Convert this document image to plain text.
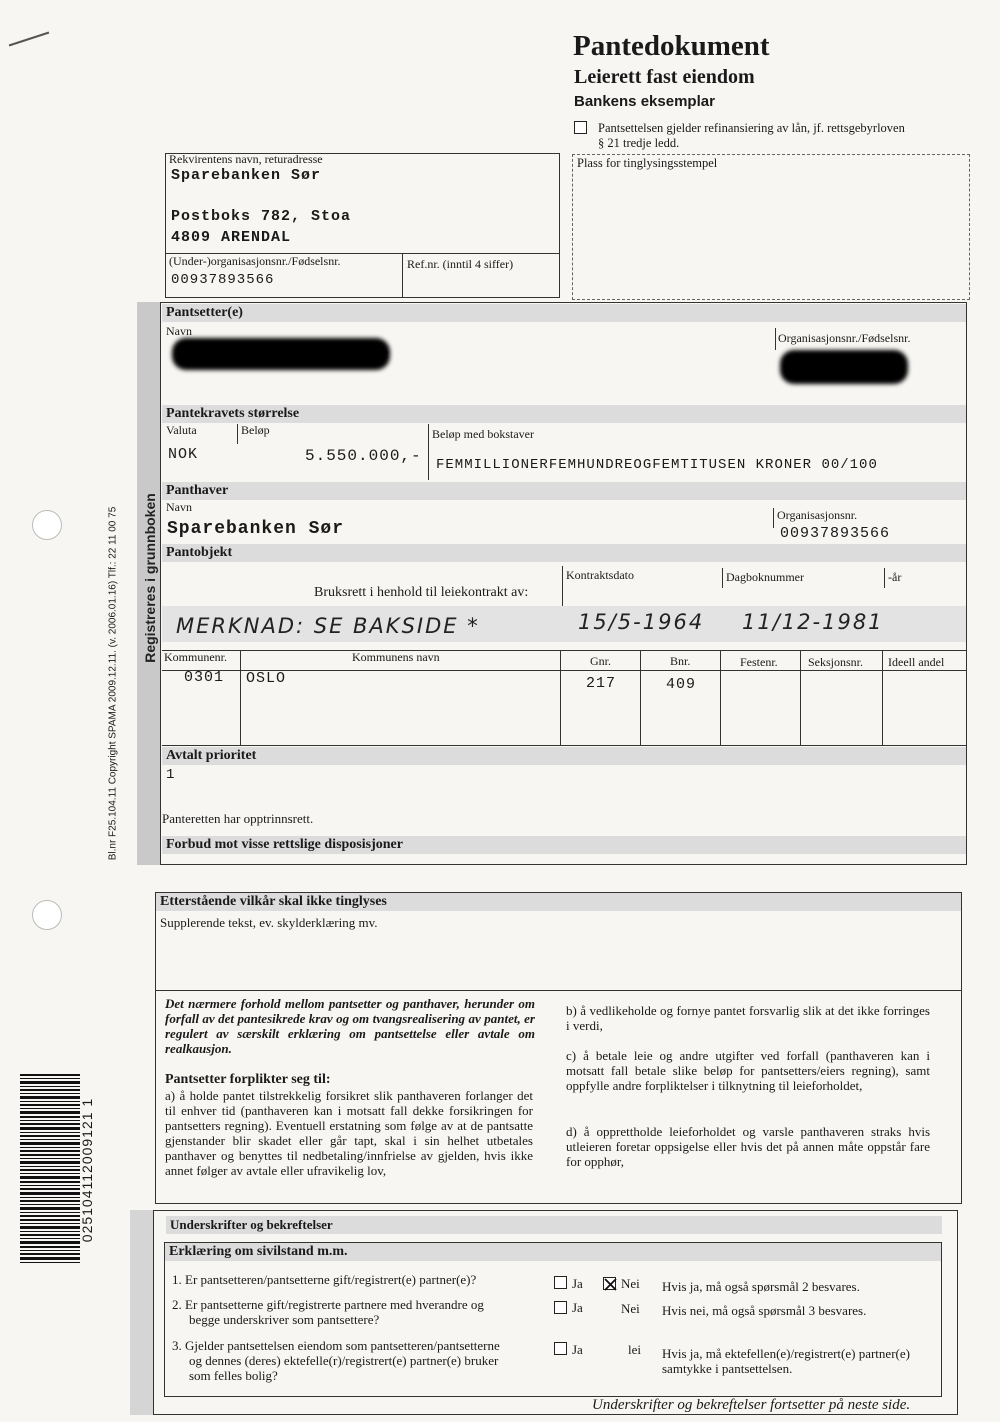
Pantedokument
Leierett fast eiendom
Bankens eksemplar
Pantsettelsen gjelder refinansiering av lån, jf. rettsgebyrloven
§ 21 tredje ledd.
Plass for tinglysingsstempel
Rekvirentens navn, returadresse
Sparebanken Sør
Postboks 782, Stoa
4809 ARENDAL
(Under-)organisasjonsnr./Fødselsnr.
00937893566
Ref.nr. (inntil 4 siffer)
Registreres i grunnboken
Bl.nr F25.104.11 Copyright SPAMA 2009.12.11. (v. 2006.01.16) Tlf.: 22 11 00 75
Pantsetter(e)
Navn	Organisasjonsnr./Fødselsnr.
Pantekravets størrelse
Valuta	Beløp	Beløp med bokstaver
NOK	5.550.000,- FEMMILLIONERFEMHUNDREOGFEMTITUSEN KRONER 00/100
Panthaver
Navn
Sparebanken Sør
Organisasjonsnr.
00937893566
Pantobjekt
Bruksrett i henhold til leiekontrakt av:
Kontraktsdato	Dagboknummer	-år
MERKNAD: SE BAKSIDE *	15/5-1964 11/12-1981
Kommunenr.	Kommunens navn	Gnr.	Bnr.	Festenr.	Seksjonsnr. Ideell andel
0301 OSLO	217	409
Avtalt prioritet
1
Panteretten har opptrinnsrett.
Forbud mot visse rettslige disposisjoner
Etterstående vilkår skal ikke tinglyses
Supplerende tekst, ev. skylderklæring mv.
Det nærmere forhold mellom pantsetter og panthaver, herunder om forfall av det pantesikrede krav og om tvangsrealisering av pantet, er regulert av særskilt erklæring om pantsettelse eller avtale om realkausjon.
Pantsetter forplikter seg til:
a) å holde pantet tilstrekkelig forsikret slik panthaveren forlanger det til enhver tid (panthaveren kan i motsatt fall dekke forsikringen for pantsetters regning). Eventuell erstatning som følge av at de pantsatte gjenstander blir skadet eller går tapt, skal i sin helhet utbetales panthaver og benyttes til nedbetaling/innfrielse av gjelden, hvis ikke annet følger av avtale eller ufravikelig lov,
b) å vedlikeholde og fornye pantet forsvarlig slik at det ikke forringes i verdi,
c) å betale leie og andre utgifter ved forfall (panthaveren kan i motsatt fall betale slike beløp for pantsetters/eiers regning), samt oppfylle andre forpliktelser i tilknytning til leieforholdet,
d) å opprettholde leieforholdet og varsle panthaveren straks hvis utleieren foretar oppsigelse eller hvis det på annen måte oppstår fare for opphør,
Underskrifter og bekreftelser
Erklæring om sivilstand m.m.
1. Er pantsetteren/pantsetterne gift/registrert(e) partner(e)?	Ja	Nei Hvis ja, må også spørsmål 2 besvares.
2. Er pantsetterne gift/registrerte partnere med hverandre og
begge underskriver som pantsettere?
Ja	Nei Hvis nei, må også spørsmål 3 besvares.
3. Gjelder pantsettelsen eiendom som pantsetteren/pantsetterne
og dennes (deres) ektefelle(r)/registrert(e) partner(e) bruker
som felles bolig?
Ja	lei Hvis ja, må ektefellen(e)/registrert(e) partner(e)
samtykke i pantsettelsen.
Underskrifter og bekreftelser fortsetter på neste side.
025104112009121 1
